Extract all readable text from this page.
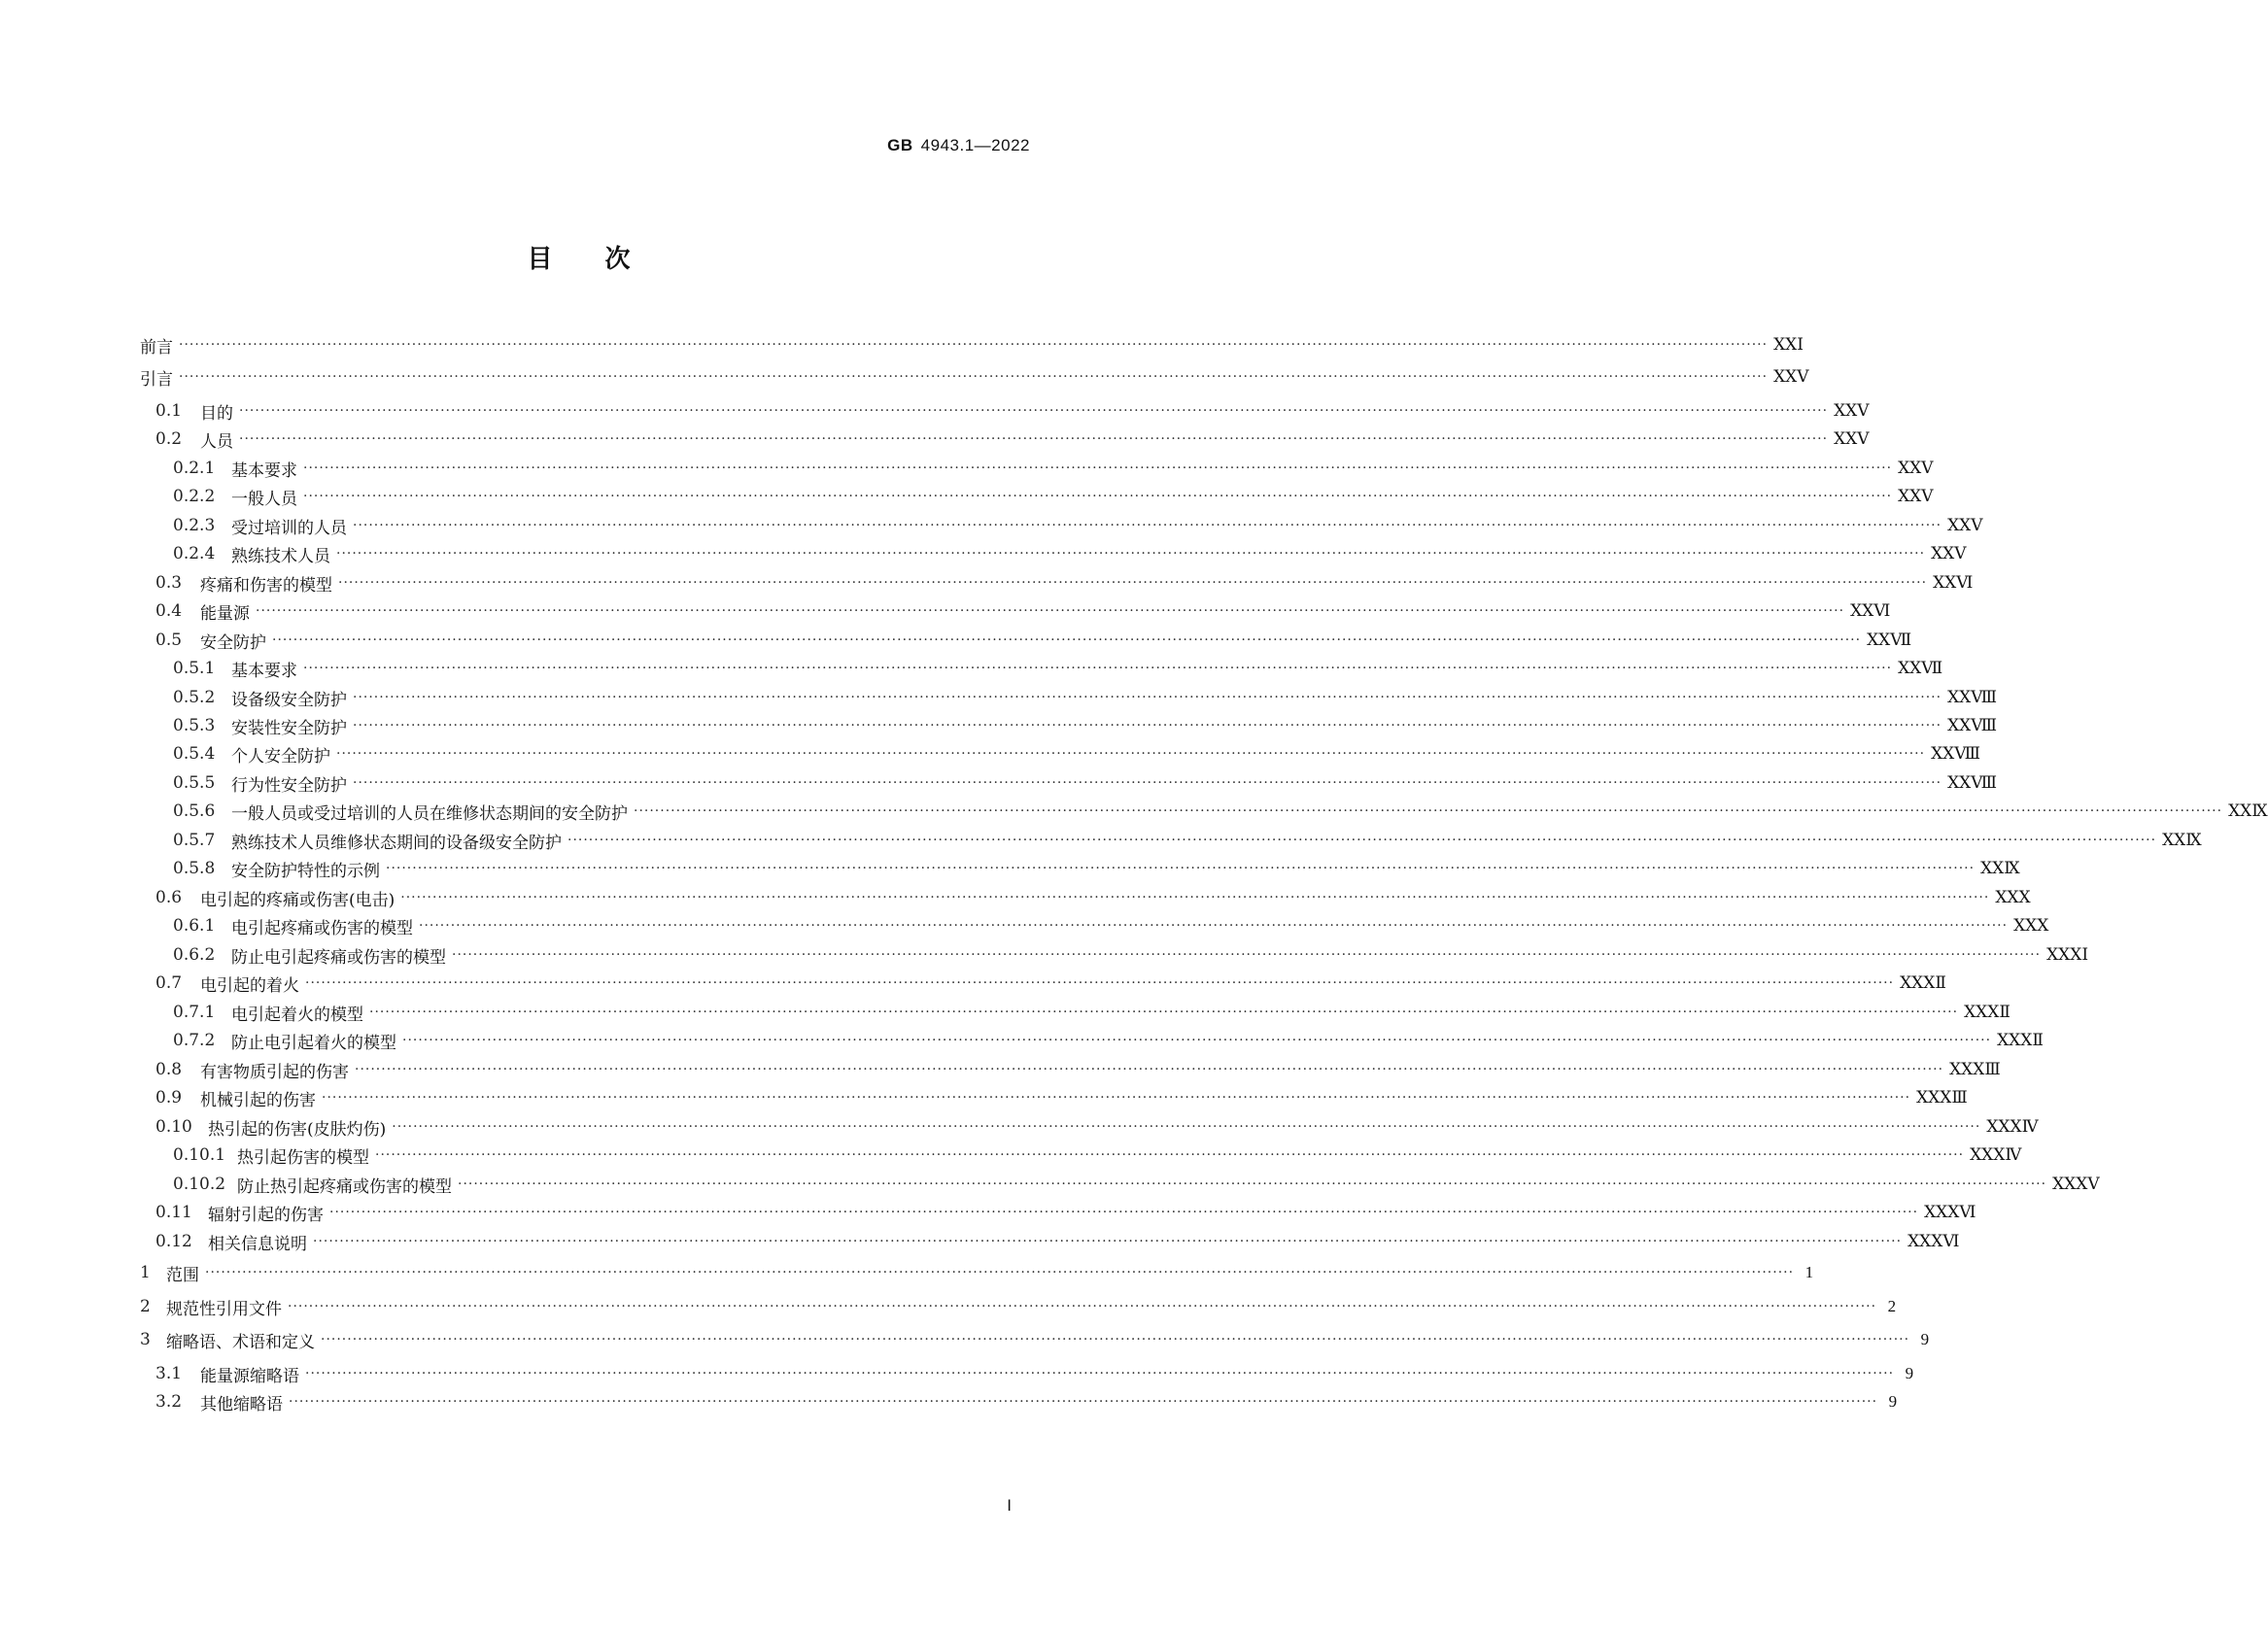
GB 4943.1—2022
目 次
前言 ············································································································································································································································································································ ⅩⅩⅠ
引言 ············································································································································································································································································································ ⅩⅩⅤ
0.1	目的 ············································································································································································································································································································ ⅩⅩⅤ
0.2	人员 ············································································································································································································································································································ ⅩⅩⅤ
0.2.1 基本要求 ············································································································································································································································································································ ⅩⅩⅤ
0.2.2 一般人员 ············································································································································································································································································································ ⅩⅩⅤ
0.2.3 受过培训的人员 ············································································································································································································································································································ ⅩⅩⅤ
0.2.4 熟练技术人员 ············································································································································································································································································································ ⅩⅩⅤ
0.3	疼痛和伤害的模型 ············································································································································································································································································································ ⅩⅩⅥ
0.4	能量源 ············································································································································································································································································································ ⅩⅩⅥ
0.5	安全防护 ············································································································································································································································································································ ⅩⅩⅦ
0.5.1 基本要求 ············································································································································································································································································································ ⅩⅩⅦ
0.5.2 设备级安全防护 ············································································································································································································································································································ ⅩⅩⅧ
0.5.3 安装性安全防护 ············································································································································································································································································································ ⅩⅩⅧ
0.5.4 个人安全防护 ············································································································································································································································································································ ⅩⅩⅧ
0.5.5 行为性安全防护 ············································································································································································································································································································ ⅩⅩⅧ
0.5.6 一般人员或受过培训的人员在维修状态期间的安全防护 ············································································································································································································································································································ ⅩⅩⅨ
0.5.7 熟练技术人员维修状态期间的设备级安全防护 ············································································································································································································································································································ ⅩⅩⅨ
0.5.8 安全防护特性的示例 ············································································································································································································································································································ ⅩⅩⅨ
0.6	电引起的疼痛或伤害(电击) ············································································································································································································································································································ ⅩⅩⅩ
0.6.1 电引起疼痛或伤害的模型 ············································································································································································································································································································ ⅩⅩⅩ
0.6.2 防止电引起疼痛或伤害的模型 ············································································································································································································································································································ ⅩⅩⅩⅠ
0.7	电引起的着火 ············································································································································································································································································································ ⅩⅩⅩⅡ
0.7.1 电引起着火的模型 ············································································································································································································································································································ ⅩⅩⅩⅡ
0.7.2 防止电引起着火的模型 ············································································································································································································································································································ ⅩⅩⅩⅡ
0.8	有害物质引起的伤害 ············································································································································································································································································································ ⅩⅩⅩⅢ
0.9	机械引起的伤害 ············································································································································································································································································································ ⅩⅩⅩⅢ
0.10 热引起的伤害(皮肤灼伤) ············································································································································································································································································································ ⅩⅩⅩⅣ
0.10.1 热引起伤害的模型 ············································································································································································································································································································ ⅩⅩⅩⅣ
0.10.2 防止热引起疼痛或伤害的模型 ············································································································································································································································································································ ⅩⅩⅩⅤ
0.11 辐射引起的伤害 ············································································································································································································································································································ ⅩⅩⅩⅥ
0.12 相关信息说明 ············································································································································································································································································································ ⅩⅩⅩⅥ
1 范围 ············································································································································································································································································································ 1
2 规范性引用文件 ············································································································································································································································································································ 2
3 缩略语、术语和定义 ············································································································································································································································································································ 9
3.1	能量源缩略语 ············································································································································································································································································································ 9
3.2	其他缩略语 ············································································································································································································································································································ 9
Ⅰ
